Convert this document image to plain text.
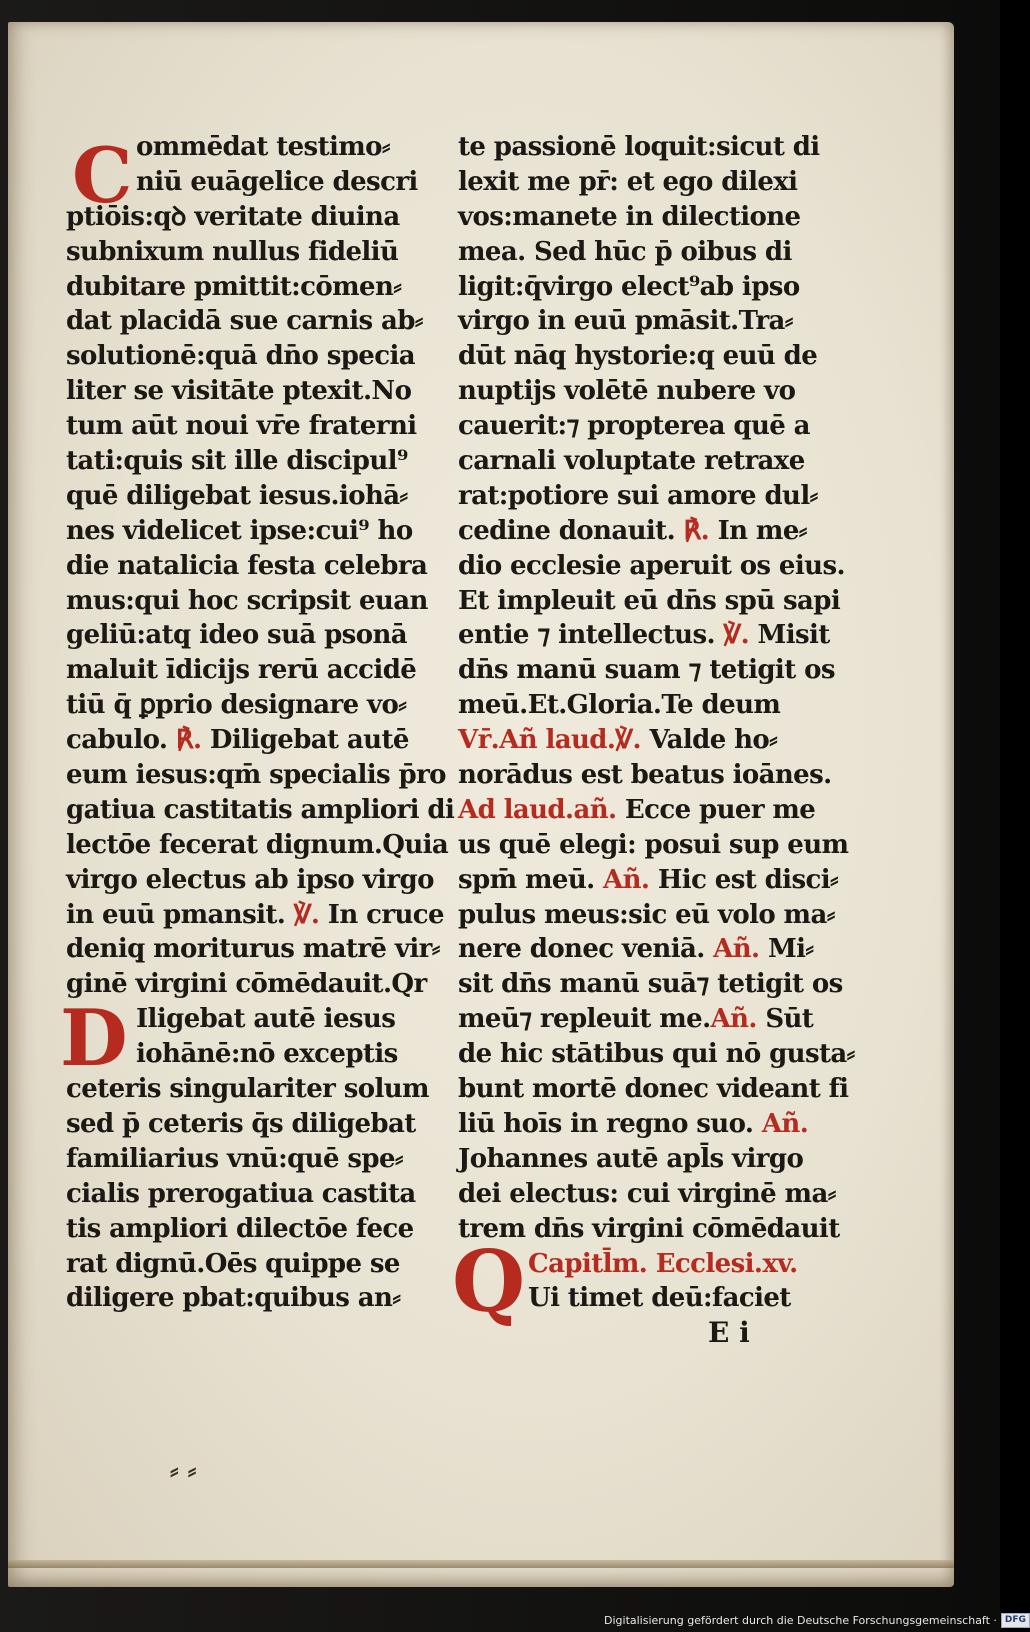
C
D
Q
ommēdat testimo⸗
niū euāgelice descri
ptiōis:qꝺ veritate diuina
subnixum nullus fideliū
dubitare pmittit:cōmen⸗
dat placidā sue carnis ab⸗
solutionē:quā dn̄o specia
liter se visitāte ptexit.No
tum aūt noui vr̄e fraterni
tati:quis sit ille discipul⁹
quē diligebat iesus.iohā⸗
nes videlicet ipse:cui⁹ ho
die natalicia festa celebra
mus:qui hoc scripsit euan
geliū:atq̧ ideo suā psonā
maluit īdicijs rerū accidē
tiū q̄ ꝑprio designare vo⸗
cabulo. ℟. Diligebat autē
eum iesus:qm̄ specialis p̄ro
gatiua castitatis ampliori di
lectōe fecerat dignum.Quia
virgo electus ab ipso virgo
in euū pmansit. ℣. In cruce
deniq̧ moriturus matrē vir⸗
ginē virgini cōmēdauit.Qr
Iligebat autē iesus
iohānē:nō exceptis
ceteris singulariter solum
sed p̄ ceteris q̄s diligebat
familiarius vnū:quē spe⸗
cialis prerogatiua castita
tis ampliori dilectōe fece
rat dignū.Oēs quippe se
diligere pbat:quibus an⸗
te passionē loquit:sicut di
lexit me pr̄: et ego dilexi
vos:manete in dilectione
mea. Sed hūc p̄ oibus di
ligit:q̄virgo elect⁹ab ipso
virgo in euū pmāsit.Tra⸗
dūt nāq̧ hystorie:q euū de
nuptijs volētē nubere vo
cauerit:⁊ propterea quē a
carnali voluptate retraxe
rat:potiore sui amore dul⸗
cedine donauit. ℟. In me⸗
dio ecclesie aperuit os eius.
Et impleuit eū dn̄s spū sapi
entie ⁊ intellectus. ℣. Misit
dn̄s manū suam ⁊ tetigit os
meū.Et.Gloria.Te deum
Vr̄.Añ laud.℣. Valde ho⸗
norādus est beatus ioānes.
Ad laud.añ. Ecce puer me
us quē elegi: posui sup eum
spm̄ meū. Añ. Hic est disci⸗
pulus meus:sic eū volo ma⸗
nere donec veniā. Añ. Mi⸗
sit dn̄s manū suā⁊ tetigit os
meū⁊ repleuit me.Añ. Sūt
de hic stātibus qui nō gusta⸗
bunt mortē donec videant fi
liū hoīs in regno suo. Añ.
Johannes autē apl̄s virgo
dei electus: cui virginē ma⸗
trem dn̄s virgini cōmēdauit
Capitl̄m. Ecclesi.xv.
Ui timet deū:faciet
E i
⸗ ⸗
Digitalisierung gefördert durch die Deutsche Forschungsgemeinschaft · DFG
